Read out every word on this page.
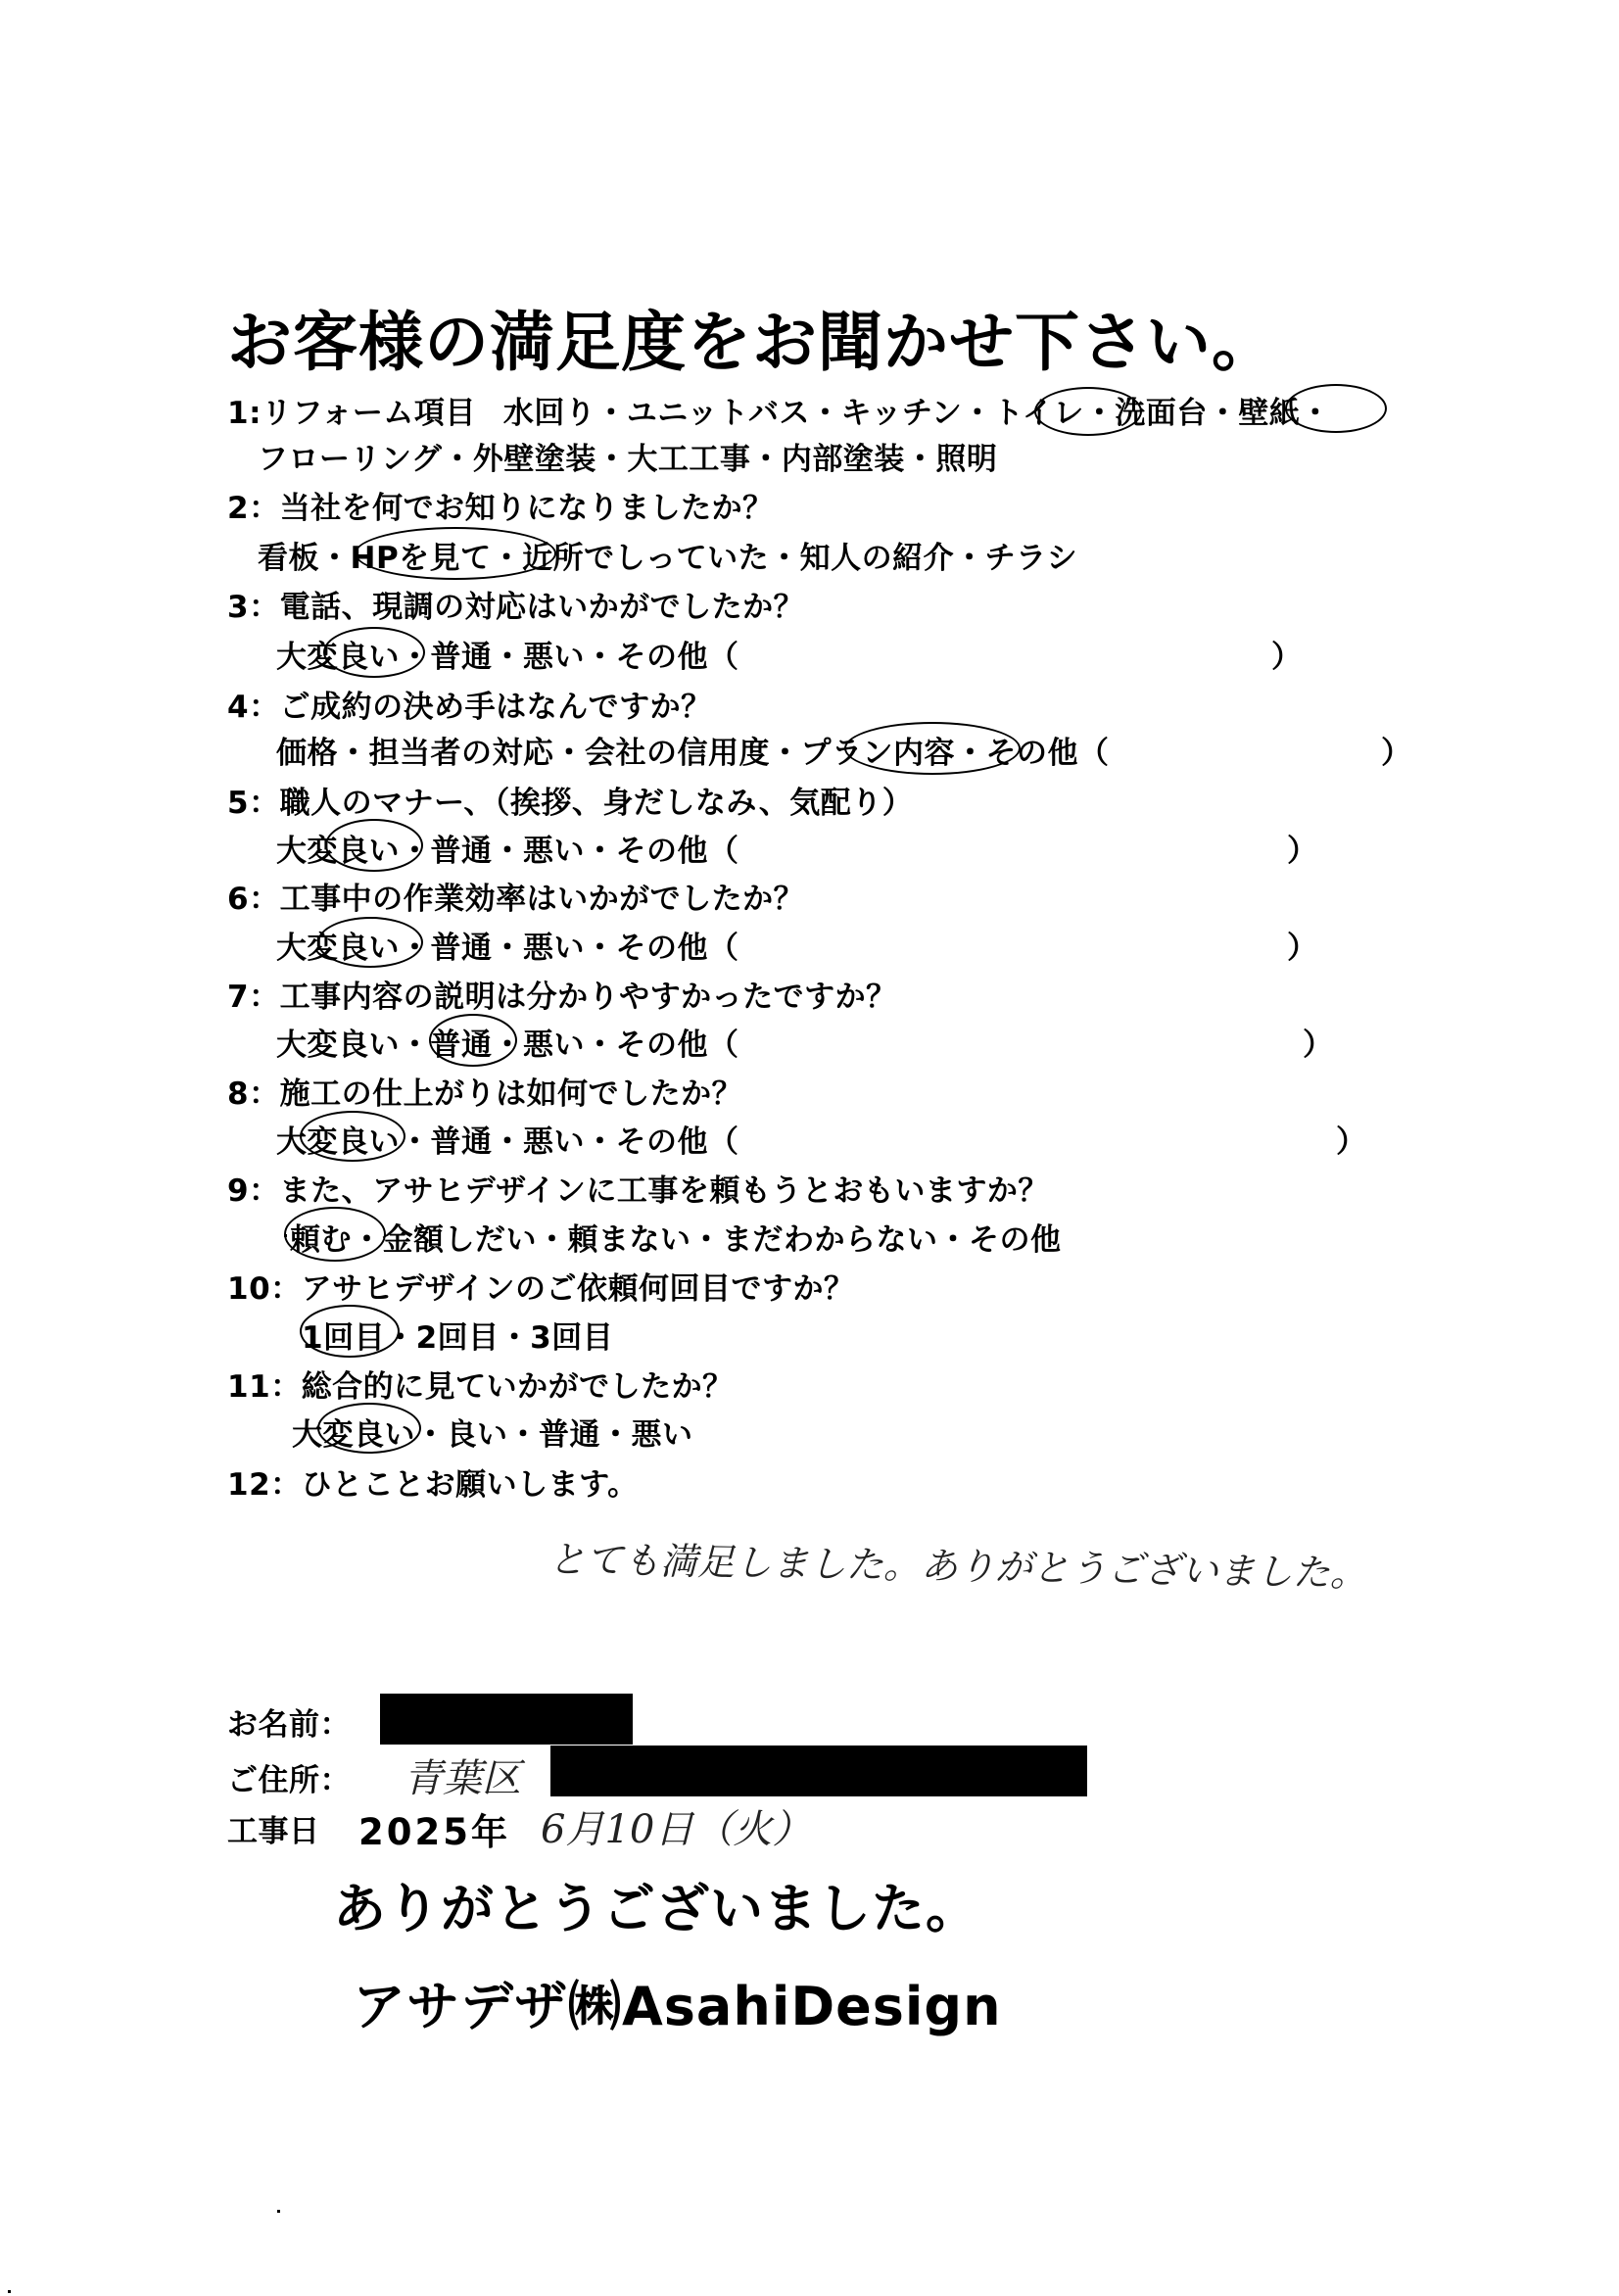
お客様の満足度をお聞かせ下さい。
1:リフォーム項目 水回り・ユニットバス・キッチン・トイレ・洗面台・壁紙・
フローリング・外壁塗装・大工工事・内部塗装・照明
2：当社を何でお知りになりましたか？
看板・HPを見て・近所でしっていた・知人の紹介・チラシ
3：電話、現調の対応はいかがでしたか？
大変良い・普通・悪い・その他（	）
4：ご成約の決め手はなんですか？
価格・担当者の対応・会社の信用度・プラン内容・その他（	）
5：職人のマナー、（挨拶、身だしなみ、気配り）
大変良い・普通・悪い・その他（	）
6：工事中の作業効率はいかがでしたか？
大変良い・普通・悪い・その他（	）
7：工事内容の説明は分かりやすかったですか？
大変良い・普通・悪い・その他（	）
8：施工の仕上がりは如何でしたか？
大変良い・普通・悪い・その他（	）
9：また、アサヒデザインに工事を頼もうとおもいますか？
頼む・金額しだい・頼まない・まだわからない・その他
10：アサヒデザインのご依頼何回目ですか？
1回目・2回目・3回目
11：総合的に見ていかがでしたか？
大変良い・良い・普通・悪い
12：ひとことお願いします。
とても満足しました。ありがとうございました。
お名前：
ご住所： 青葉区
工事日 2025年 6月10日（火）
ありがとうございました。
アサデザ㈱AsahiDesign
